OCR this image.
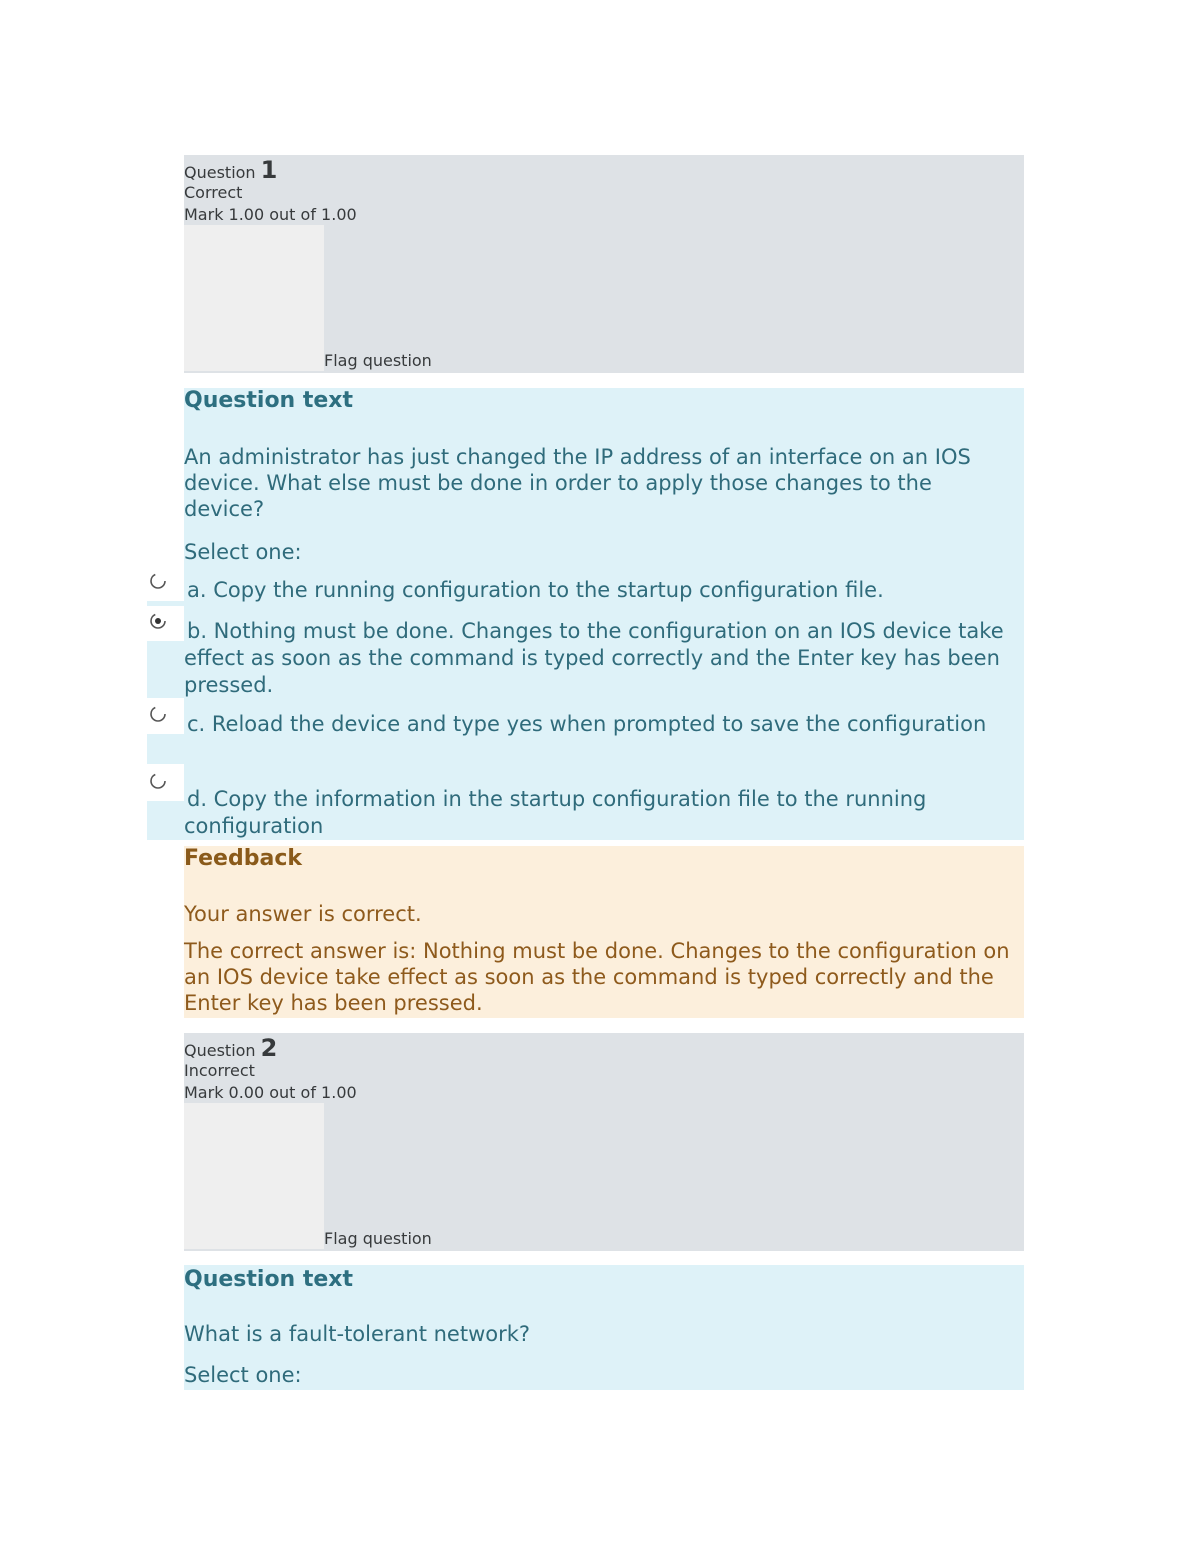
Question 1
Correct
Mark 1.00 out of 1.00
Flag question
Question text
An administrator has just changed the IP address of an interface on an IOS device. What else must be done in order to apply those changes to the device?
Select one:
a. Copy the running configuration to the startup configuration file.
b. Nothing must be done. Changes to the configuration on an IOS device take effect as soon as the command is typed correctly and the Enter key has been pressed.
c. Reload the device and type yes when prompted to save the configuration
d. Copy the information in the startup configuration file to the running configuration
Feedback
Your answer is correct.
The correct answer is: Nothing must be done. Changes to the configuration on an IOS device take effect as soon as the command is typed correctly and the Enter key has been pressed.
Question 2
Incorrect
Mark 0.00 out of 1.00
Flag question
Question text
What is a fault-tolerant network?
Select one:
